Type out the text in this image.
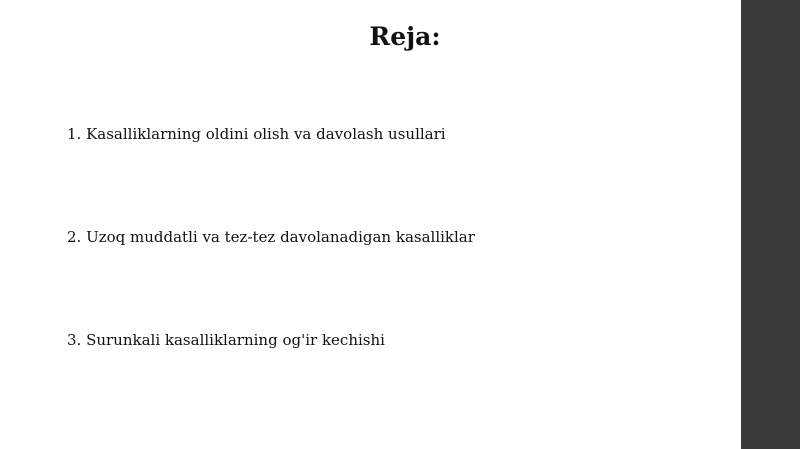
Reja:
1. Kasalliklarning oldini olish va davolash usullari
2. Uzoq muddatli va tez-tez davolanadigan kasalliklar
3. Surunkali kasalliklarning og'ir kechishi
